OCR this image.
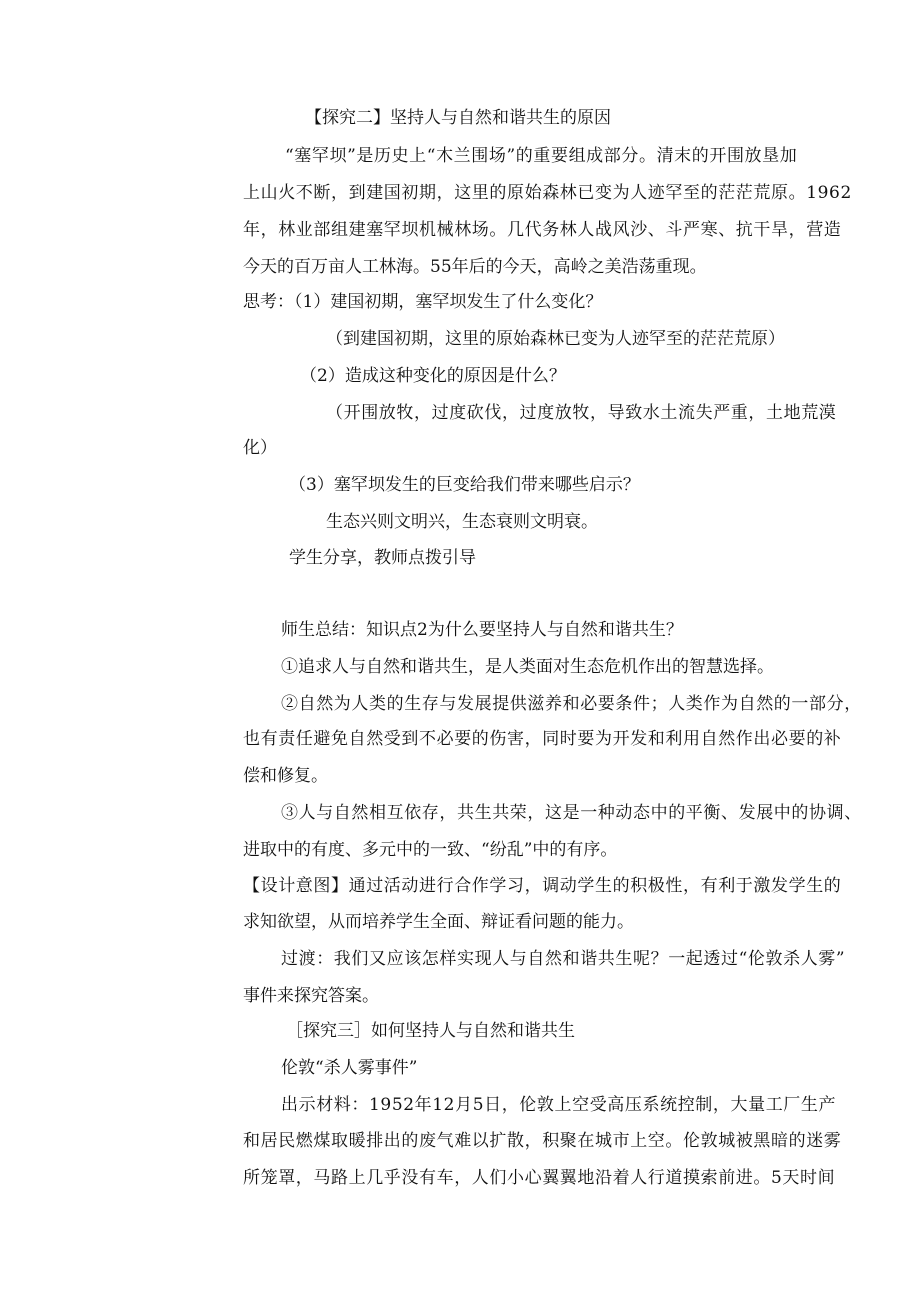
【探究二】坚持人与自然和谐共生的原因
“塞罕坝”是历史上“木兰围场”的重要组成部分。清末的开围放垦加
上山火不断，到建国初期，这里的原始森林已变为人迹罕至的茫茫荒原。1962
年，林业部组建塞罕坝机械林场。几代务林人战风沙、斗严寒、抗干旱，营造
今天的百万亩人工林海。55年后的今天，高岭之美浩荡重现。
思考：（1）建国初期，塞罕坝发生了什么变化？
（到建国初期，这里的原始森林已变为人迹罕至的茫茫荒原）
（2）造成这种变化的原因是什么？
（开围放牧，过度砍伐，过度放牧，导致水土流失严重，土地荒漠
化）
（3）塞罕坝发生的巨变给我们带来哪些启示？
生态兴则文明兴，生态衰则文明衰。
学生分享，教师点拨引导
师生总结：知识点2为什么要坚持人与自然和谐共生？
①追求人与自然和谐共生，是人类面对生态危机作出的智慧选择。
②自然为人类的生存与发展提供滋养和必要条件；人类作为自然的一部分，
也有责任避免自然受到不必要的伤害，同时要为开发和利用自然作出必要的补
偿和修复。
③人与自然相互依存，共生共荣，这是一种动态中的平衡、发展中的协调、
进取中的有度、多元中的一致、“纷乱”中的有序。
【设计意图】通过活动进行合作学习，调动学生的积极性，有利于激发学生的
求知欲望，从而培养学生全面、辩证看问题的能力。
过渡：我们又应该怎样实现人与自然和谐共生呢？一起透过“伦敦杀人雾”
事件来探究答案。
［探究三］如何坚持人与自然和谐共生
伦敦“杀人雾事件”
出示材料：1952年12月5日，伦敦上空受高压系统控制，大量工厂生产
和居民燃煤取暖排出的废气难以扩散，积聚在城市上空。伦敦城被黑暗的迷雾
所笼罩，马路上几乎没有车，人们小心翼翼地沿着人行道摸索前进。5天时间
